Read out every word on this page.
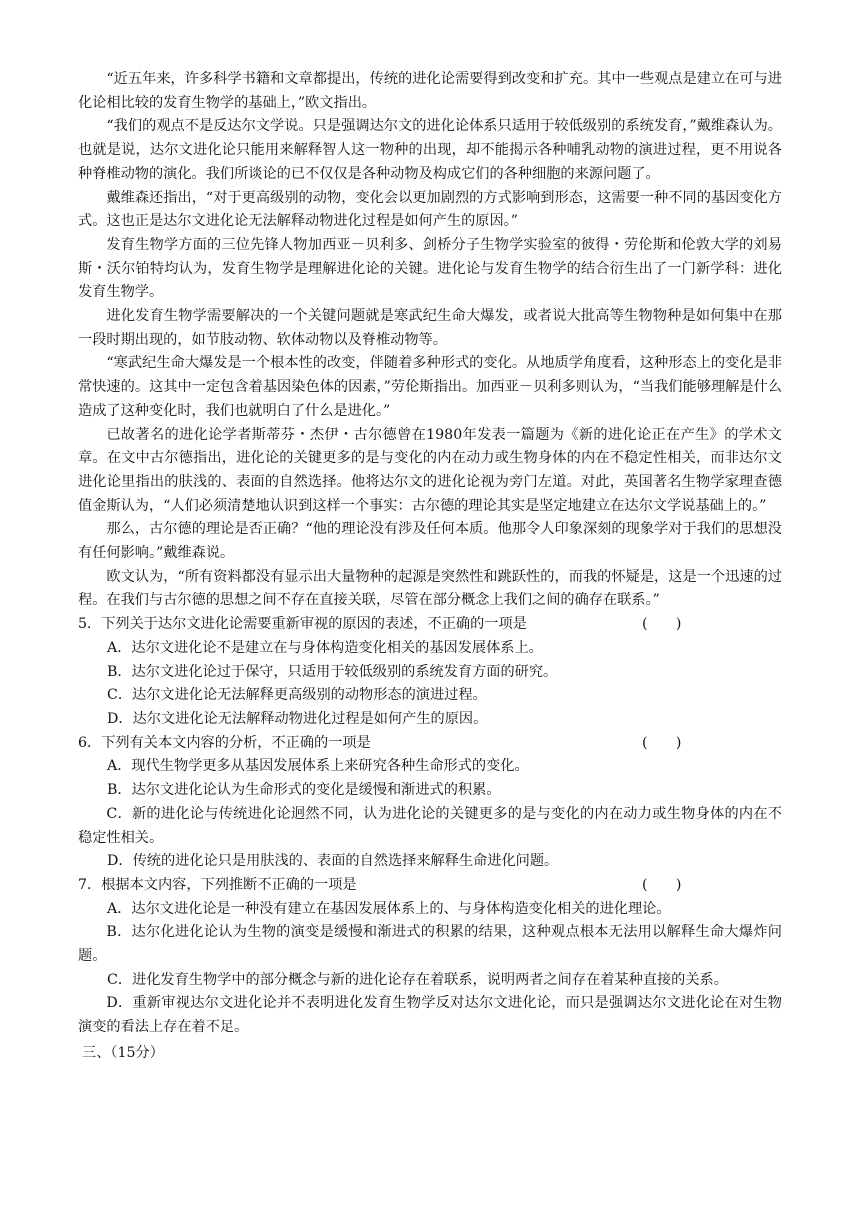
“近五年来，许多科学书籍和文章都提出，传统的进化论需要得到改变和扩充。其中一些观点是建立在可与进化论相比较的发育生物学的基础上，”欧文指出。

“我们的观点不是反达尔文学说。只是强调达尔文的进化论体系只适用于较低级别的系统发育，”戴维森认为。也就是说，达尔文进化论只能用来解释智人这一物种的出现，却不能揭示各种哺乳动物的演进过程，更不用说各种脊椎动物的演化。我们所谈论的已不仅仅是各种动物及构成它们的各种细胞的来源问题了。

戴维森还指出，“对于更高级别的动物，变化会以更加剧烈的方式影响到形态，这需要一种不同的基因变化方式。这也正是达尔文进化论无法解释动物进化过程是如何产生的原因。”

发育生物学方面的三位先锋人物加西亚－贝利多、剑桥分子生物学实验室的彼得・劳伦斯和伦敦大学的刘易斯・沃尔铂特均认为，发育生物学是理解进化论的关键。进化论与发育生物学的结合衍生出了一门新学科：进化发育生物学。

进化发育生物学需要解决的一个关键问题就是寒武纪生命大爆发，或者说大批高等生物物种是如何集中在那一段时期出现的，如节肢动物、软体动物以及脊椎动物等。

“寒武纪生命大爆发是一个根本性的改变，伴随着多种形式的变化。从地质学角度看，这种形态上的变化是非常快速的。这其中一定包含着基因染色体的因素，”劳伦斯指出。加西亚－贝利多则认为，“当我们能够理解是什么造成了这种变化时，我们也就明白了什么是进化。”

已故著名的进化论学者斯蒂芬・杰伊・古尔德曾在1980年发表一篇题为《新的进化论正在产生》的学术文章。在文中古尔德指出，进化论的关键更多的是与变化的内在动力或生物身体的内在不稳定性相关，而非达尔文进化论里指出的肤浅的、表面的自然选择。他将达尔文的进化论视为旁门左道。对此，英国著名生物学家理查德值金斯认为，“人们必须清楚地认识到这样一个事实：古尔德的理论其实是坚定地建立在达尔文学说基础上的。”

那么，古尔德的理论是否正确？“他的理论没有涉及任何本质。他那令人印象深刻的现象学对于我们的思想没有任何影响。”戴维森说。

欧文认为，“所有资料都没有显示出大量物种的起源是突然性和跳跃性的，而我的怀疑是，这是一个迅速的过程。在我们与古尔德的思想之间不存在直接关联，尽管在部分概念上我们之间的确存在联系。”

5．下列关于达尔文进化论需要重新审视的原因的表述，不正确的一项是	(　　)

A．达尔文进化论不是建立在与身体构造变化相关的基因发展体系上。

B．达尔文进化论过于保守，只适用于较低级别的系统发育方面的研究。

C．达尔文进化论无法解释更高级别的动物形态的演进过程。

D．达尔文进化论无法解释动物进化过程是如何产生的原因。

6．下列有关本文内容的分析，不正确的一项是	(　　)

A．现代生物学更多从基因发展体系上来研究各种生命形式的变化。

B．达尔文进化论认为生命形式的变化是缓慢和渐进式的积累。

C．新的进化论与传统进化论迥然不同，认为进化论的关键更多的是与变化的内在动力或生物身体的内在不稳定性相关。

D．传统的进化论只是用肤浅的、表面的自然选择来解释生命进化问题。

7．根据本文内容，下列推断不正确的一项是	(　　)

A．达尔文进化论是一种没有建立在基因发展体系上的、与身体构造变化相关的进化理论。

B．达尔化进化论认为生物的演变是缓慢和渐进式的积累的结果，这种观点根本无法用以解释生命大爆炸问题。

C．进化发育生物学中的部分概念与新的进化论存在着联系，说明两者之间存在着某种直接的关系。

D．重新审视达尔文进化论并不表明进化发育生物学反对达尔文进化论，而只是强调达尔文进化论在对生物演变的看法上存在着不足。

三、（15分）
